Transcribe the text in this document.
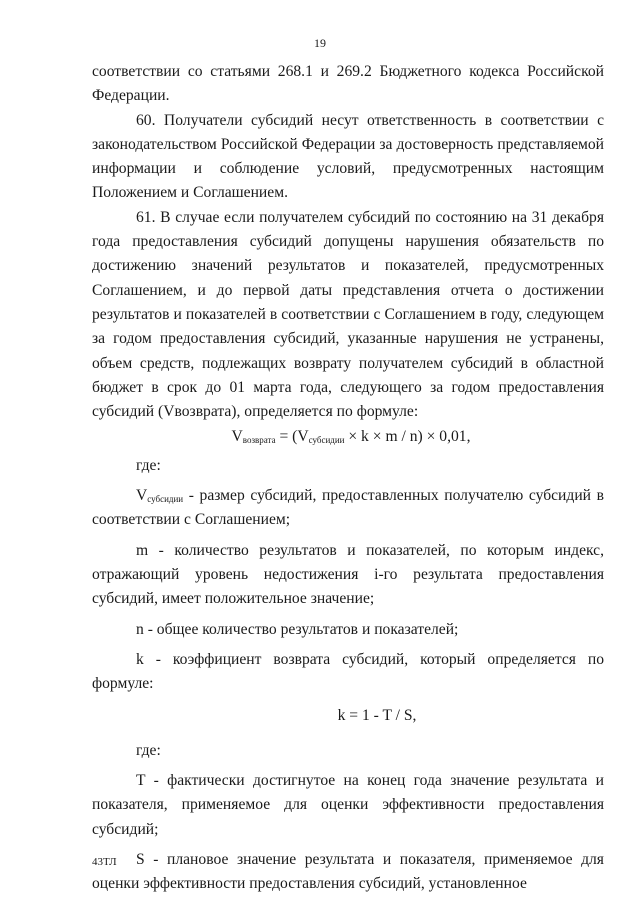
19

соответствии со статьями 268.1 и 269.2 Бюджетного кодекса Российской Федерации.

60. Получатели субсидий несут ответственность в соответствии с законодательством Российской Федерации за достоверность представляемой информации и соблюдение условий, предусмотренных настоящим Положением и Соглашением.

61. В случае если получателем субсидий по состоянию на 31 декабря года предоставления субсидий допущены нарушения обязательств по достижению значений результатов и показателей, предусмотренных Соглашением, и до первой даты представления отчета о достижении результатов и показателей в соответствии с Соглашением в году, следующем за годом предоставления субсидий, указанные нарушения не устранены, объем средств, подлежащих возврату получателем субсидий в областной бюджет в срок до 01 марта года, следующего за годом предоставления субсидий (Vвозврата), определяется по формуле:

$V_{возврата} = (V_{субсидии} \times k \times m / n) \times 0,01$,

где:

$V_{субсидии}$ - размер субсидий, предоставленных получателю субсидий в соответствии с Соглашением;

m - количество результатов и показателей, по которым индекс, отражающий уровень недостижения i-го результата предоставления субсидий, имеет положительное значение;

n - общее количество результатов и показателей;

k - коэффициент возврата субсидий, который определяется по формуле:

k = 1 - T / S,

где:

T - фактически достигнутое на конец года значение результата и показателя, применяемое для оценки эффективности предоставления субсидий;

S - плановое значение результата и показателя, применяемое для оценки эффективности предоставления субсидий, установленное

43ТЛ
